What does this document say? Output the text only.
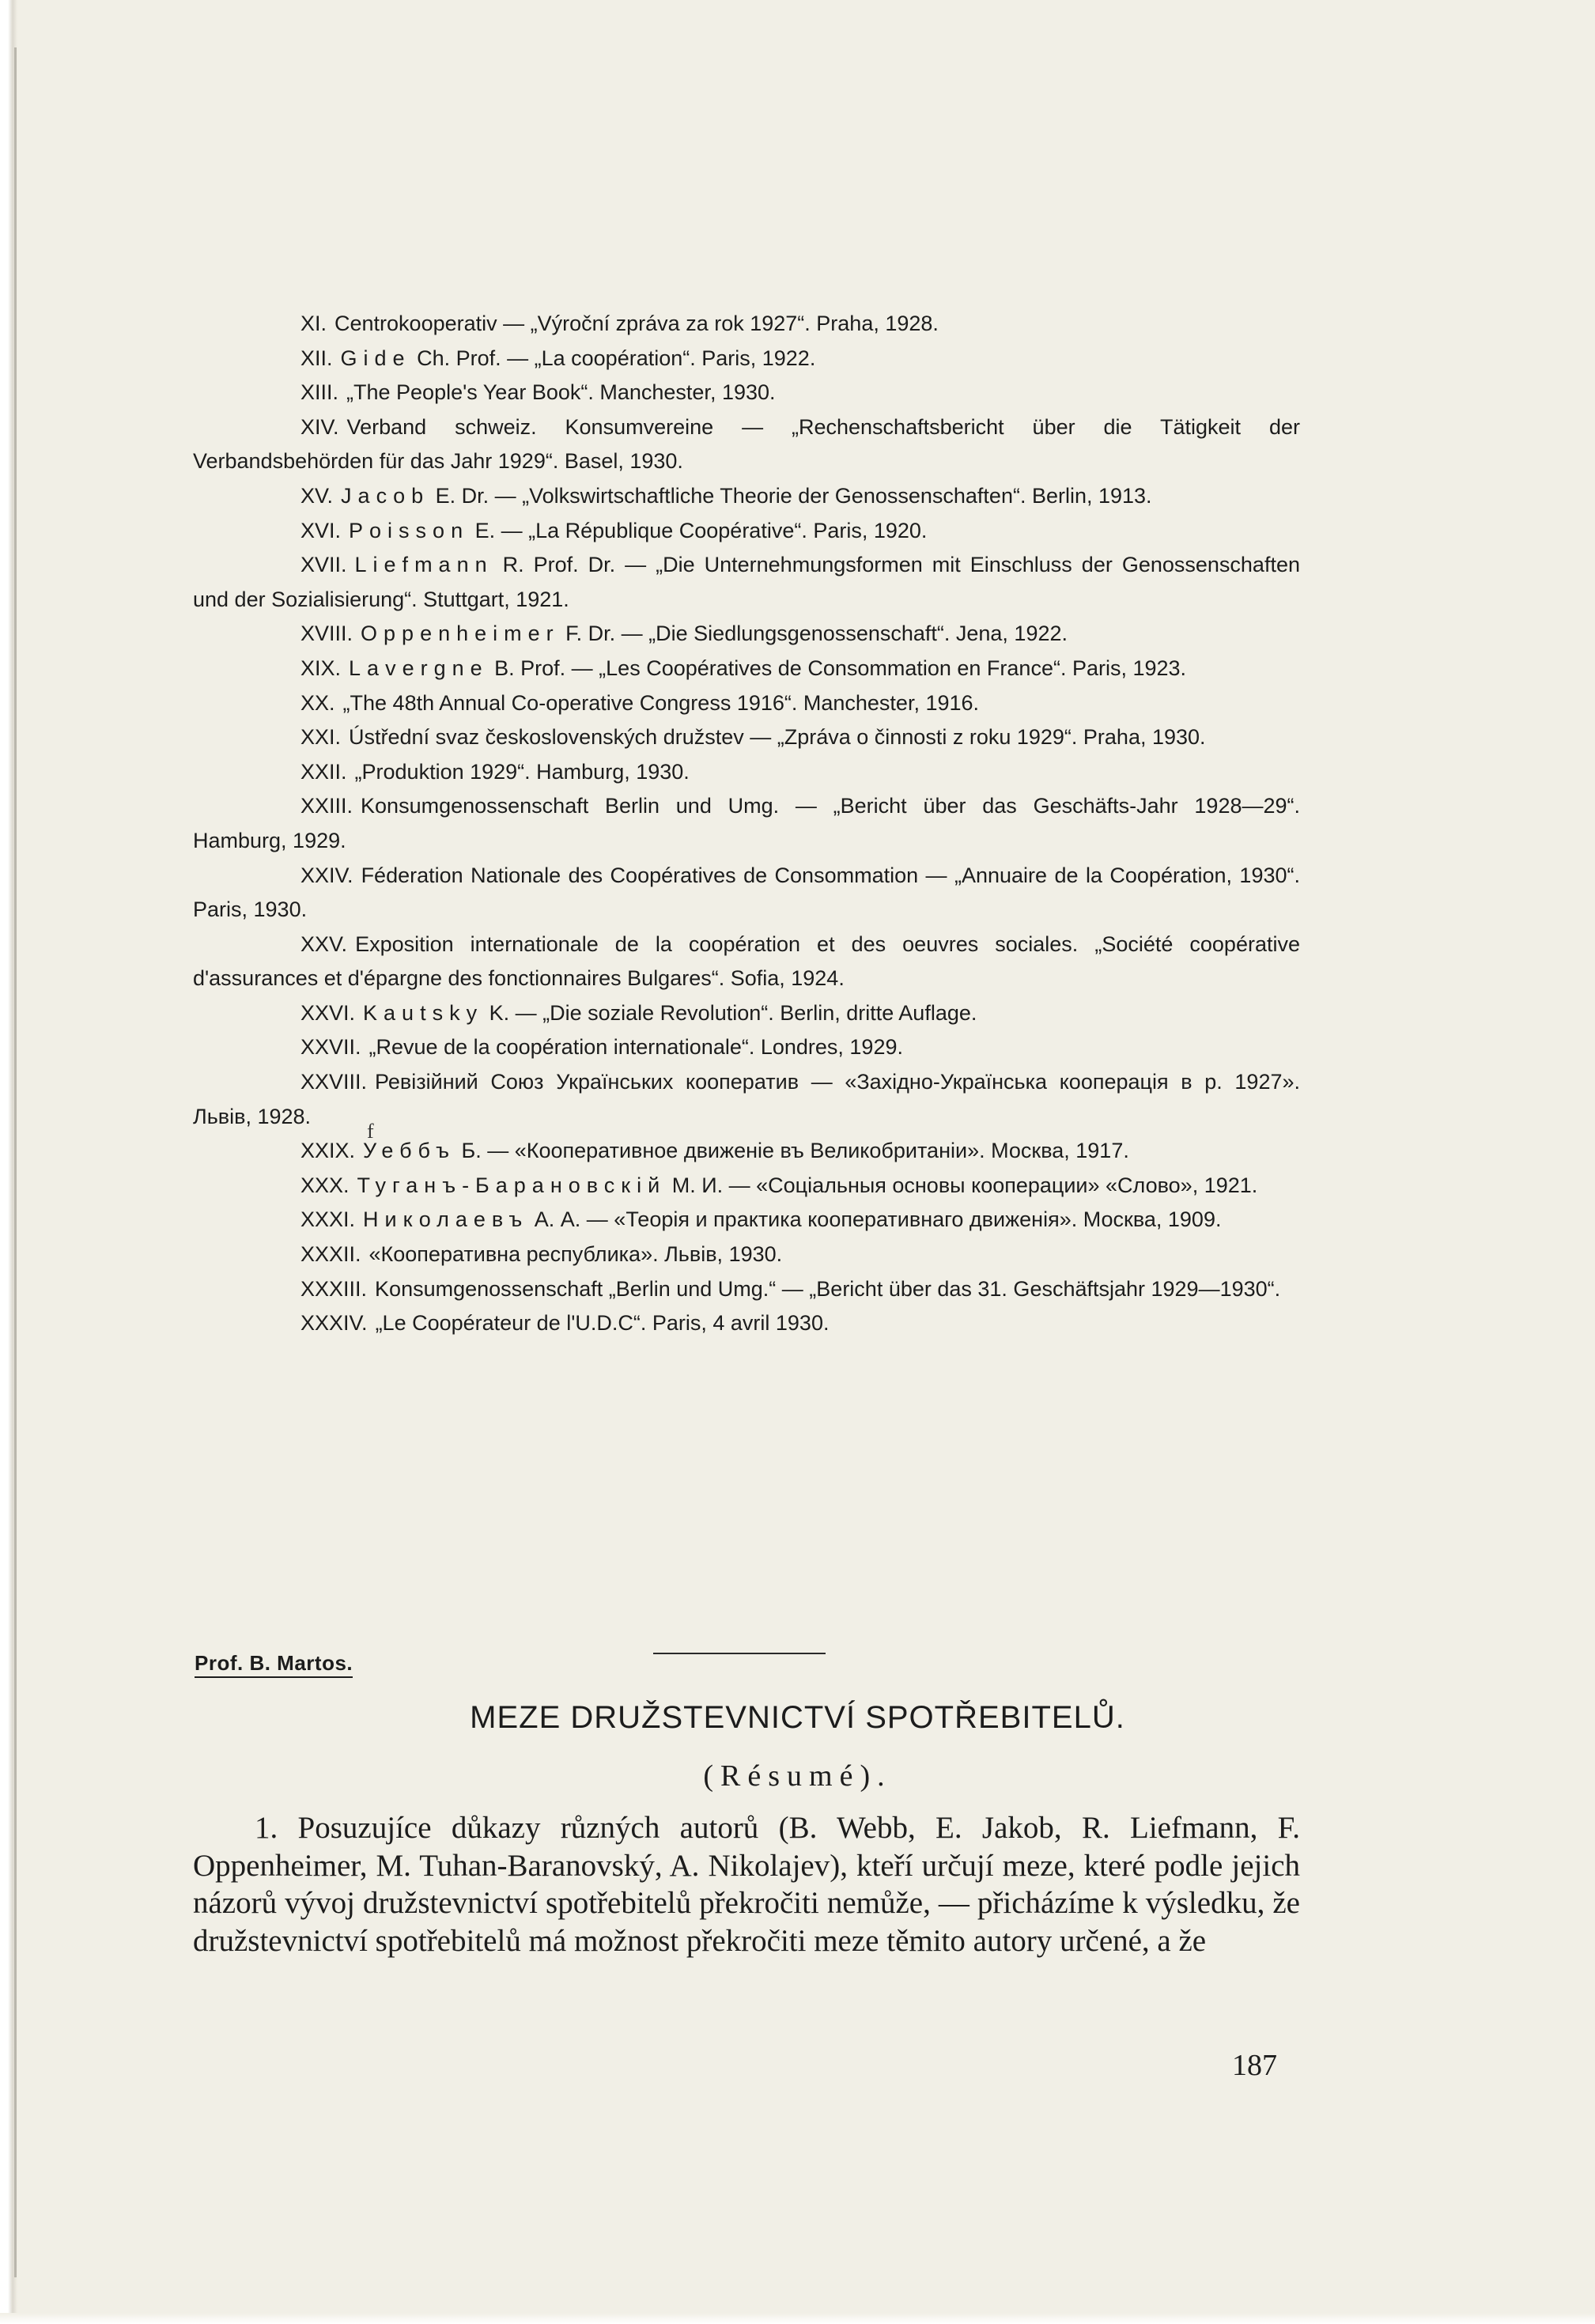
XI. Centrokooperativ — „Výroční zpráva za rok 1927“. Praha, 1928.
XII. Gide Ch. Prof. — „La coopération“. Paris, 1922.
XIII. „The People's Year Book“. Manchester, 1930.
XIV. Verband schweiz. Konsumvereine — „Rechenschaftsbericht über die Tätigkeit der Verbandsbehörden für das Jahr 1929“. Basel, 1930.
XV. Jacob E. Dr. — „Volkswirtschaftliche Theorie der Genossenschaften“. Berlin, 1913.
XVI. Poisson E. — „La République Coopérative“. Paris, 1920.
XVII. Liefmann R. Prof. Dr. — „Die Unternehmungsformen mit Einschluss der Genossenschaften und der Sozialisierung“. Stuttgart, 1921.
XVIII. Oppenheimer F. Dr. — „Die Siedlungsgenossenschaft“. Jena, 1922.
XIX. Lavergne B. Prof. — „Les Coopératives de Consommation en France“. Paris, 1923.
XX. „The 48th Annual Co-operative Congress 1916“. Manchester, 1916.
XXI. Ústřední svaz československých družstev — „Zpráva o činnosti z roku 1929“. Praha, 1930.
XXII. „Produktion 1929“. Hamburg, 1930.
XXIII. Konsumgenossenschaft Berlin und Umg. — „Bericht über das Geschäfts-Jahr 1928—29“. Hamburg, 1929.
XXIV. Féderation Nationale des Coopératives de Consommation — „Annuaire de la Coopération, 1930“. Paris, 1930.
XXV. Exposition internationale de la coopération et des oeuvres sociales. „Société coopérative d'assurances et d'épargne des fonctionnaires Bulgares“. Sofia, 1924.
XXVI. Kautsky K. — „Die soziale Revolution“. Berlin, dritte Auflage.
XXVII. „Revue de la coopération internationale“. Londres, 1929.
XXVIII. Ревізійний Союз Українських кооператив — «Західно-Українська кооперація в р. 1927». Львів, 1928.
XXIX. Уеббъ Б. — «Кооперативное движеніе въ Великобританіи». Москва, 1917.
XXX. Туганъ-Барановскій М. И. — «Соціальныя основы кооперации» «Слово», 1921.
XXXI. Николаевъ А. А. — «Теорія и практика кооперативнаго движенія». Москва, 1909.
XXXII. «Кооперативна республика». Львів, 1930.
XXXIII. Konsumgenossenschaft „Berlin und Umg.“ — „Bericht über das 31. Geschäftsjahr 1929—1930“.
XXXIV. „Le Coopérateur de l'U.D.C“. Paris, 4 avril 1930.
f
Prof. B. Martos.
MEZE DRUŽSTEVNICTVÍ SPOTŘEBITELŮ.
(Résumé).
1. Posuzujíce důkazy různých autorů (B. Webb, E. Jakob, R. Liefmann, F. Oppenheimer, M. Tuhan-Baranovský, A. Nikolajev), kteří určují meze, které podle jejich názorů vývoj družstevnictví spotřebitelů překročiti nemůže, — přicházíme k výsledku, že družstevnictví spotřebitelů má možnost překročiti meze těmito autory určené, a že
187
